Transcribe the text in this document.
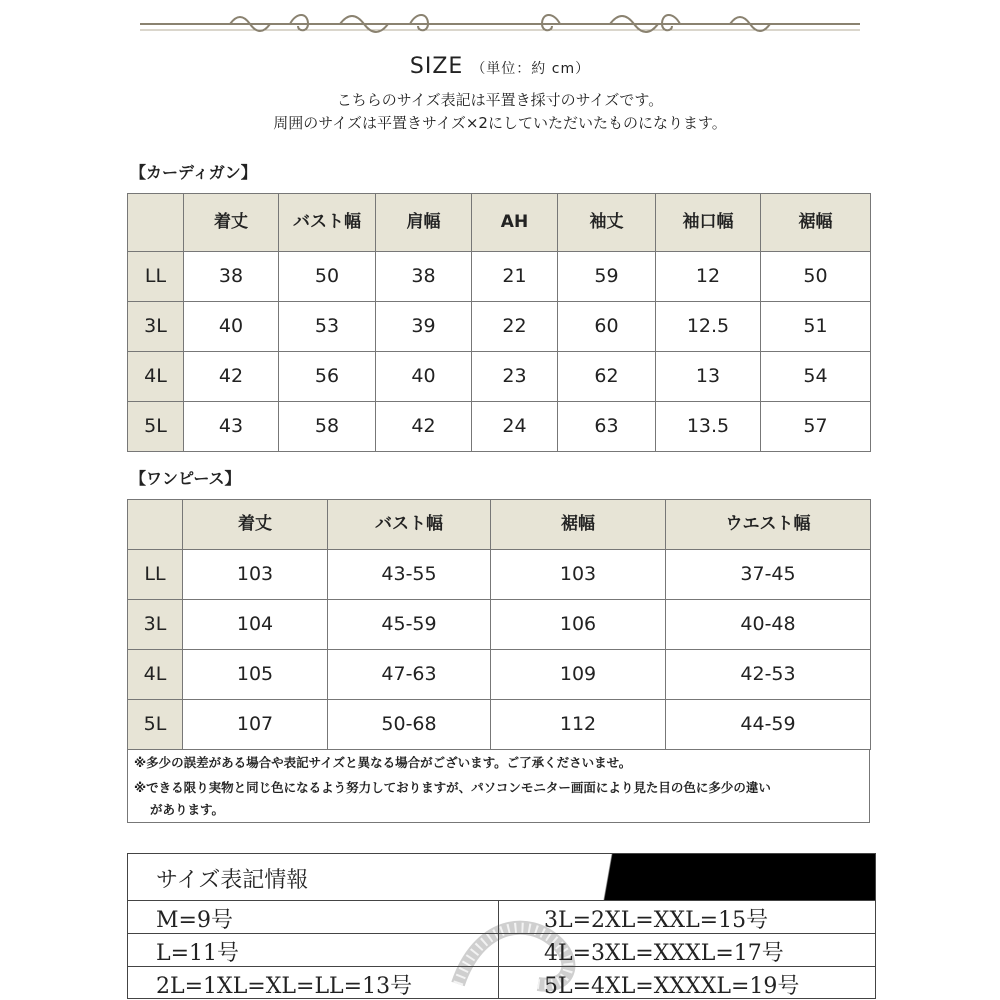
SIZE （単位：約 cm）
こちらのサイズ表記は平置き採寸のサイズです。
周囲のサイズは平置きサイズ×2にしていただいたものになります。
【カーディガン】
	着丈	バスト幅	肩幅	AH	袖丈	袖口幅	裾幅
LL	38	50	38	21	59	12	50
3L	40	53	39	22	60	12.5	51
4L	42	56	40	23	62	13	54
5L	43	58	42	24	63	13.5	57
【ワンピース】
	着丈	バスト幅	裾幅	ウエスト幅
LL	103	43-55	103	37-45
3L	104	45-59	106	40-48
4L	105	47-63	109	42-53
5L	107	50-68	112	44-59
※多少の誤差がある場合や表記サイズと異なる場合がございます。ご了承くださいませ。
※できる限り実物と同じ色になるよう努力しておりますが、パソコンモニター画面により見た目の色に多少の違い
があります。
サイズ表記情報
M=9号	3L=2XL=XXL=15号
L=11号	4L=3XL=XXXL=17号
2L=1XL=XL=LL=13号	5L=4XL=XXXXL=19号
